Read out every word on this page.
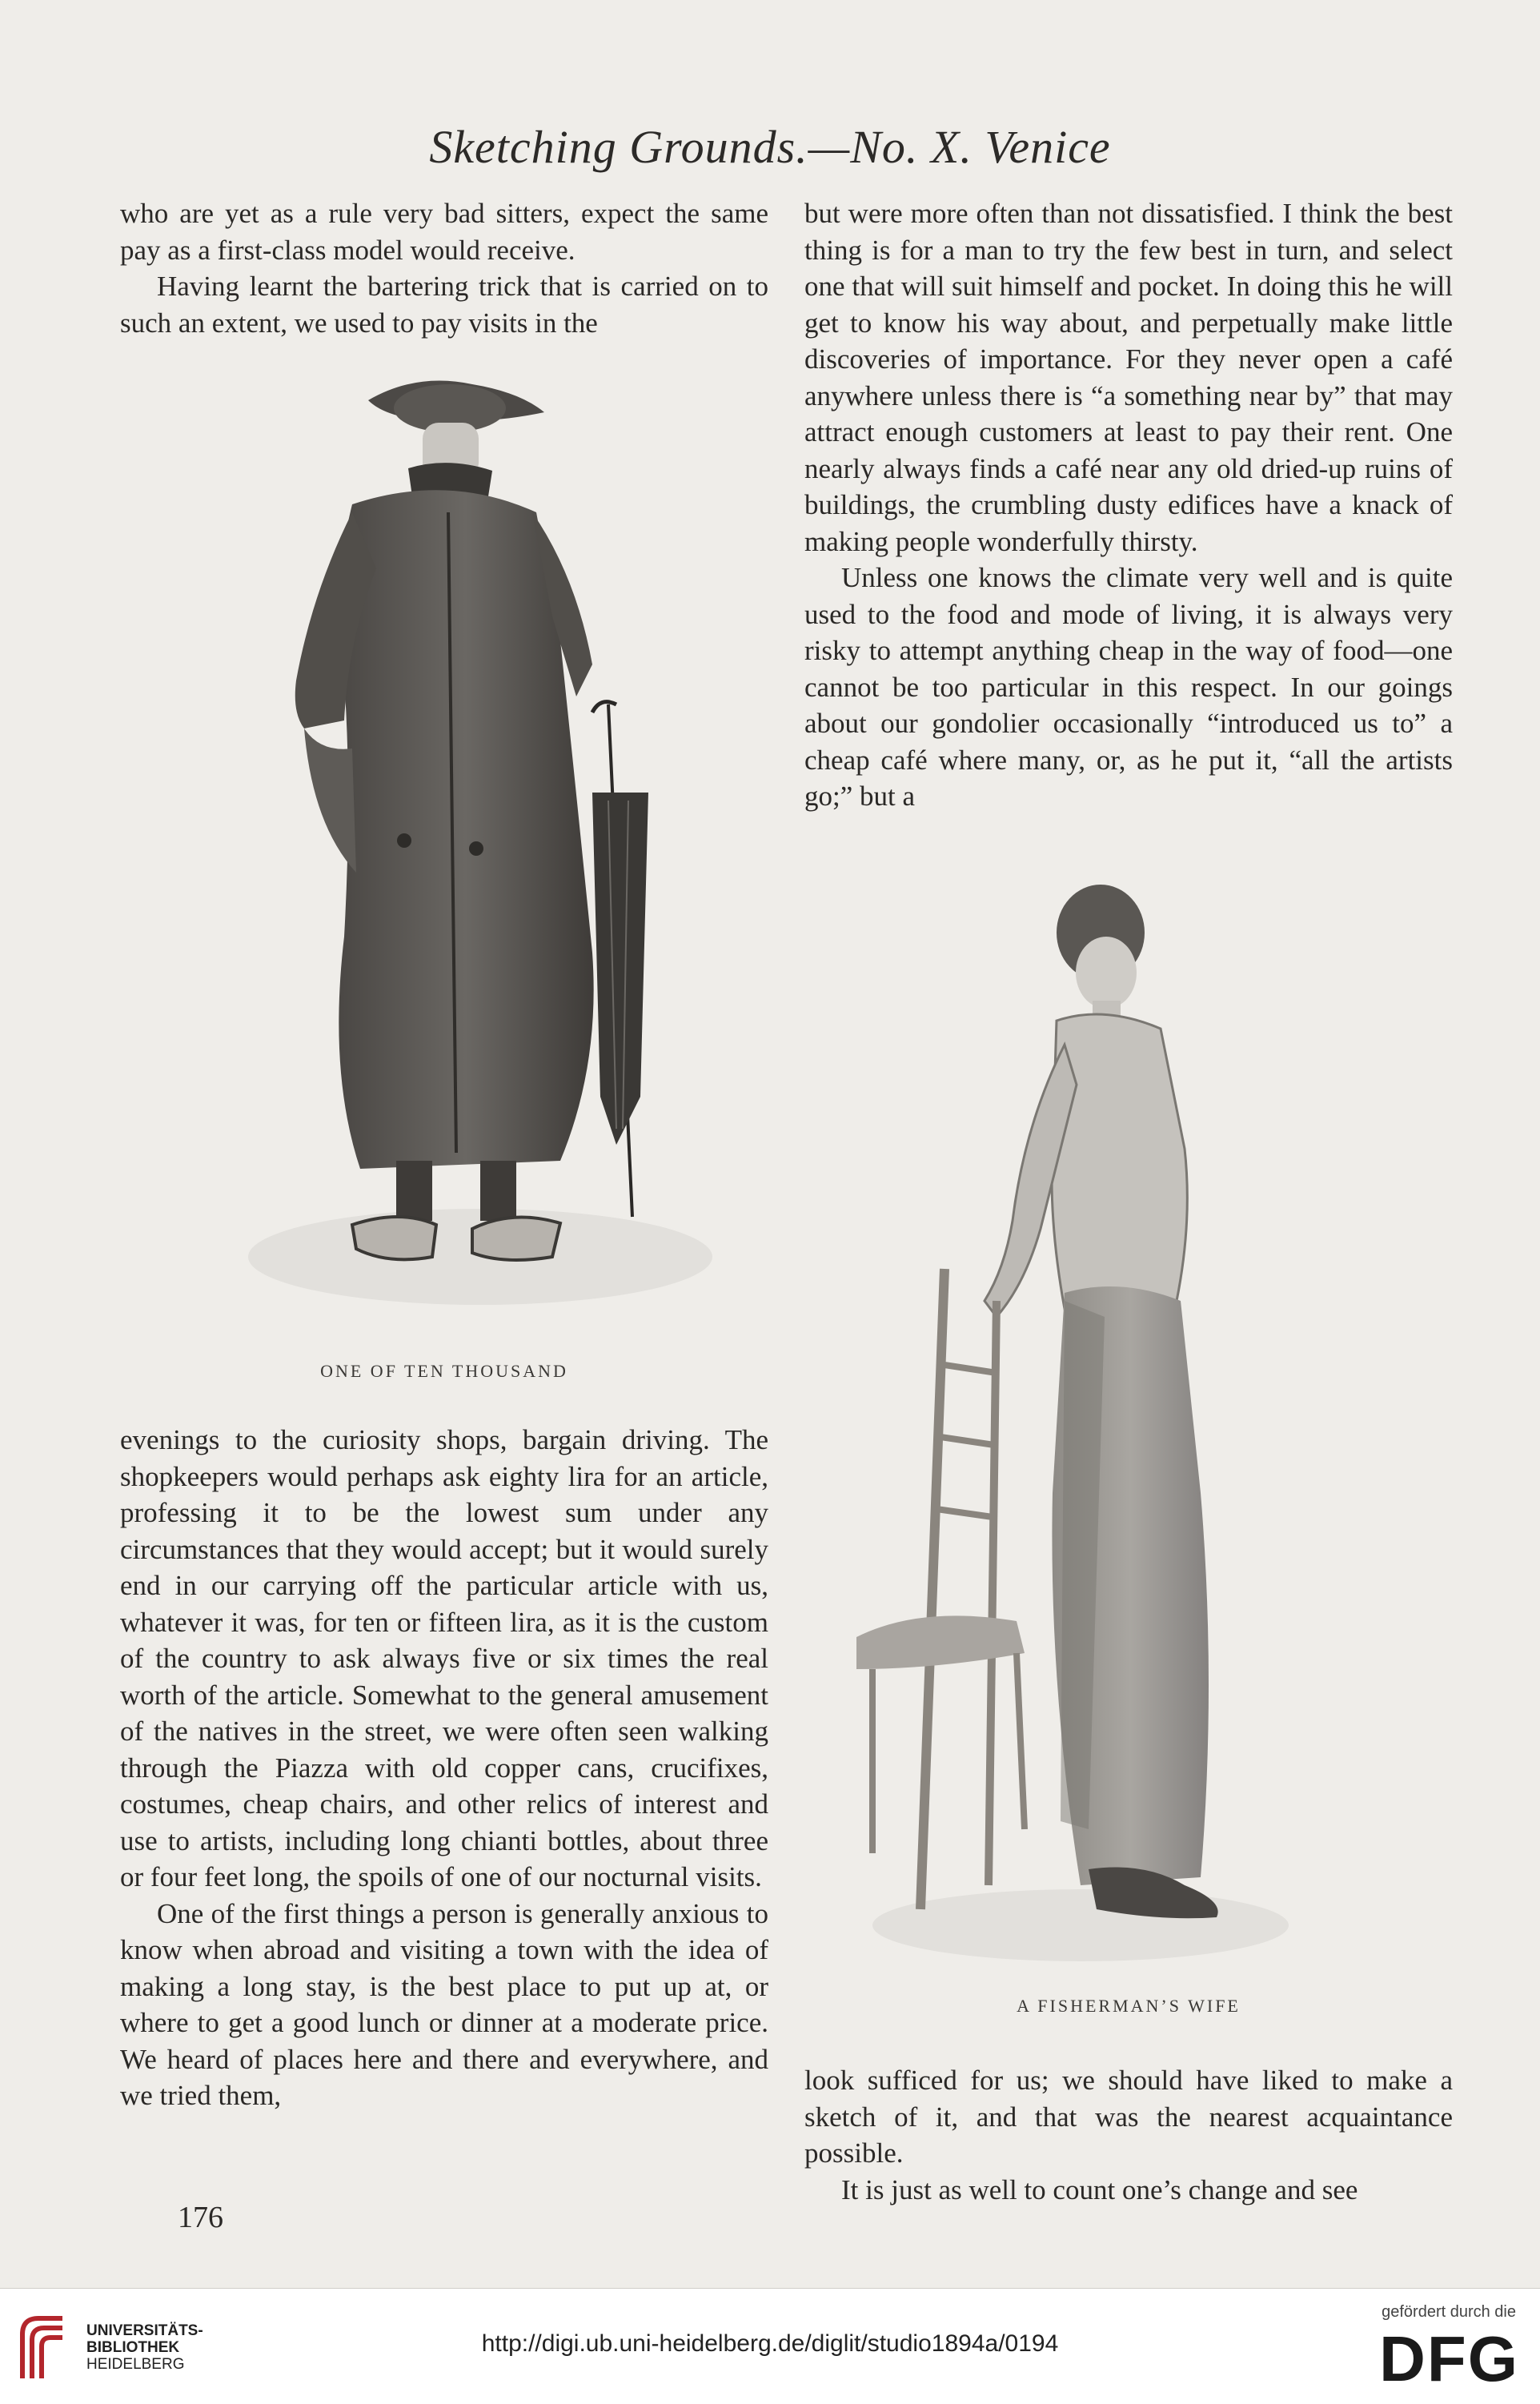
Sketching Grounds.—No. X. Venice

who are yet as a rule very bad sitters, expect the same pay as a first-class model would receive.

Having learnt the bartering trick that is carried on to such an extent, we used to pay visits in the

ONE OF TEN THOUSAND

evenings to the curiosity shops, bargain driving. The shopkeepers would perhaps ask eighty lira for an article, professing it to be the lowest sum under any circumstances that they would accept; but it would surely end in our carrying off the particular article with us, whatever it was, for ten or fifteen lira, as it is the custom of the country to ask always five or six times the real worth of the article. Somewhat to the general amusement of the natives in the street, we were often seen walking through the Piazza with old copper cans, crucifixes, costumes, cheap chairs, and other relics of interest and use to artists, including long chianti bottles, about three or four feet long, the spoils of one of our nocturnal visits.

One of the first things a person is generally anxious to know when abroad and visiting a town with the idea of making a long stay, is the best place to put up at, or where to get a good lunch or dinner at a moderate price. We heard of places here and there and everywhere, and we tried them,

but were more often than not dissatisfied. I think the best thing is for a man to try the few best in turn, and select one that will suit himself and pocket. In doing this he will get to know his way about, and perpetually make little discoveries of importance. For they never open a café anywhere unless there is “a something near by” that may attract enough customers at least to pay their rent. One nearly always finds a café near any old dried-up ruins of buildings, the crumbling dusty edifices have a knack of making people wonderfully thirsty.

Unless one knows the climate very well and is quite used to the food and mode of living, it is always very risky to attempt anything cheap in the way of food—one cannot be too particular in this respect. In our goings about our gondolier occasionally “introduced us to” a cheap café where many, or, as he put it, “all the artists go;” but a

A FISHERMAN’S WIFE

look sufficed for us; we should have liked to make a sketch of it, and that was the nearest acquaintance possible.

It is just as well to count one’s change and see

176
UNIVERSITÄTS-
BIBLIOTHEK
HEIDELBERG
http://digi.ub.uni-heidelberg.de/diglit/studio1894a/0194
gefördert durch die
DFG
